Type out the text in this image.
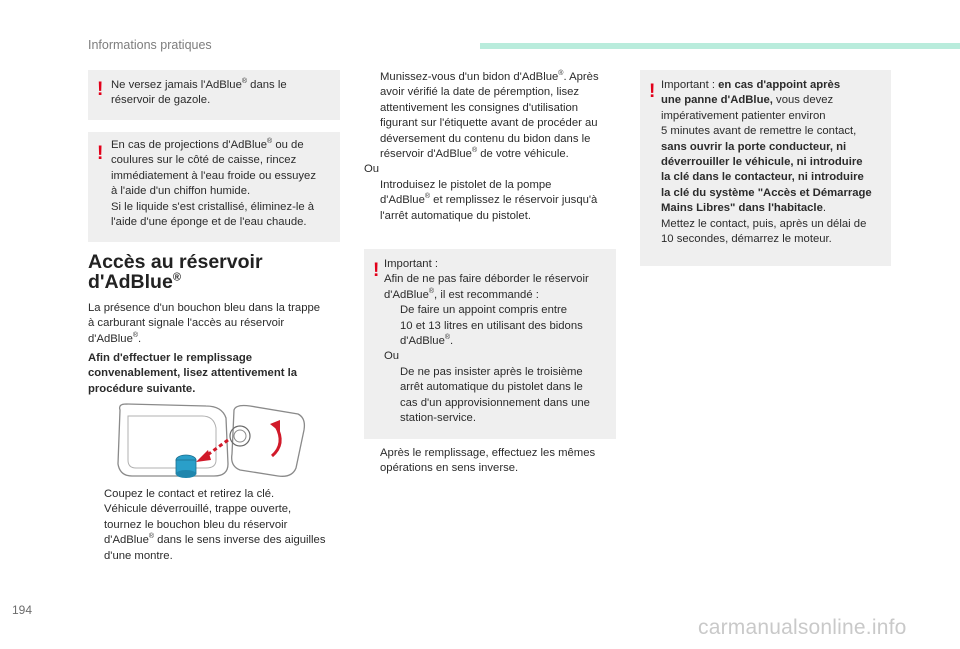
Informations pratiques
! Ne versez jamais l'AdBlue® dans le

réservoir de gazole.

! En cas de projections d'AdBlue® ou de

coulures sur le côté de caisse, rincez

immédiatement à l'eau froide ou essuyez

à l'aide d'un chiffon humide.

Si le liquide s'est cristallisé, éliminez-le à

l'aide d'une éponge et de l'eau chaude.

Accès au réservoir
d'AdBlue®

La présence d'un bouchon bleu dans la trappe

à carburant signale l'accès au réservoir

d'AdBlue®.

Afin d'effectuer le remplissage

convenablement, lisez attentivement la

procédure suivante.

Coupez le contact et retirez la clé.
Véhicule déverrouillé, trappe ouverte,
tournez le bouchon bleu du réservoir
d'AdBlue® dans le sens inverse des aiguilles
d'une montre.
Munissez-vous d'un bidon d'AdBlue®. Après
avoir vérifié la date de péremption, lisez
attentivement les consignes d'utilisation
figurant sur l'étiquette avant de procéder au
déversement du contenu du bidon dans le
réservoir d'AdBlue® de votre véhicule.

Ou

Introduisez le pistolet de la pompe
d'AdBlue® et remplissez le réservoir jusqu'à
l'arrêt automatique du pistolet.
! Important :

Afin de ne pas faire déborder le réservoir

d'AdBlue®, il est recommandé :

De faire un appoint compris entre
10 et 13 litres en utilisant des bidons
d'AdBlue®.

Ou

De ne pas insister après le troisième
arrêt automatique du pistolet dans le
cas d'un approvisionnement dans une
station-service.
Après le remplissage, effectuez les mêmes
opérations en sens inverse.
! Important : en cas d'appoint après

une panne d'AdBlue, vous devez

impérativement patienter environ

5 minutes avant de remettre le contact,

sans ouvrir la porte conducteur, ni

déverrouiller le véhicule, ni introduire

la clé dans le contacteur, ni introduire

la clé du système "Accès et Démarrage

Mains Libres" dans l'habitacle.

Mettez le contact, puis, après un délai de

10 secondes, démarrez le moteur.

194
carmanualsonline.info
